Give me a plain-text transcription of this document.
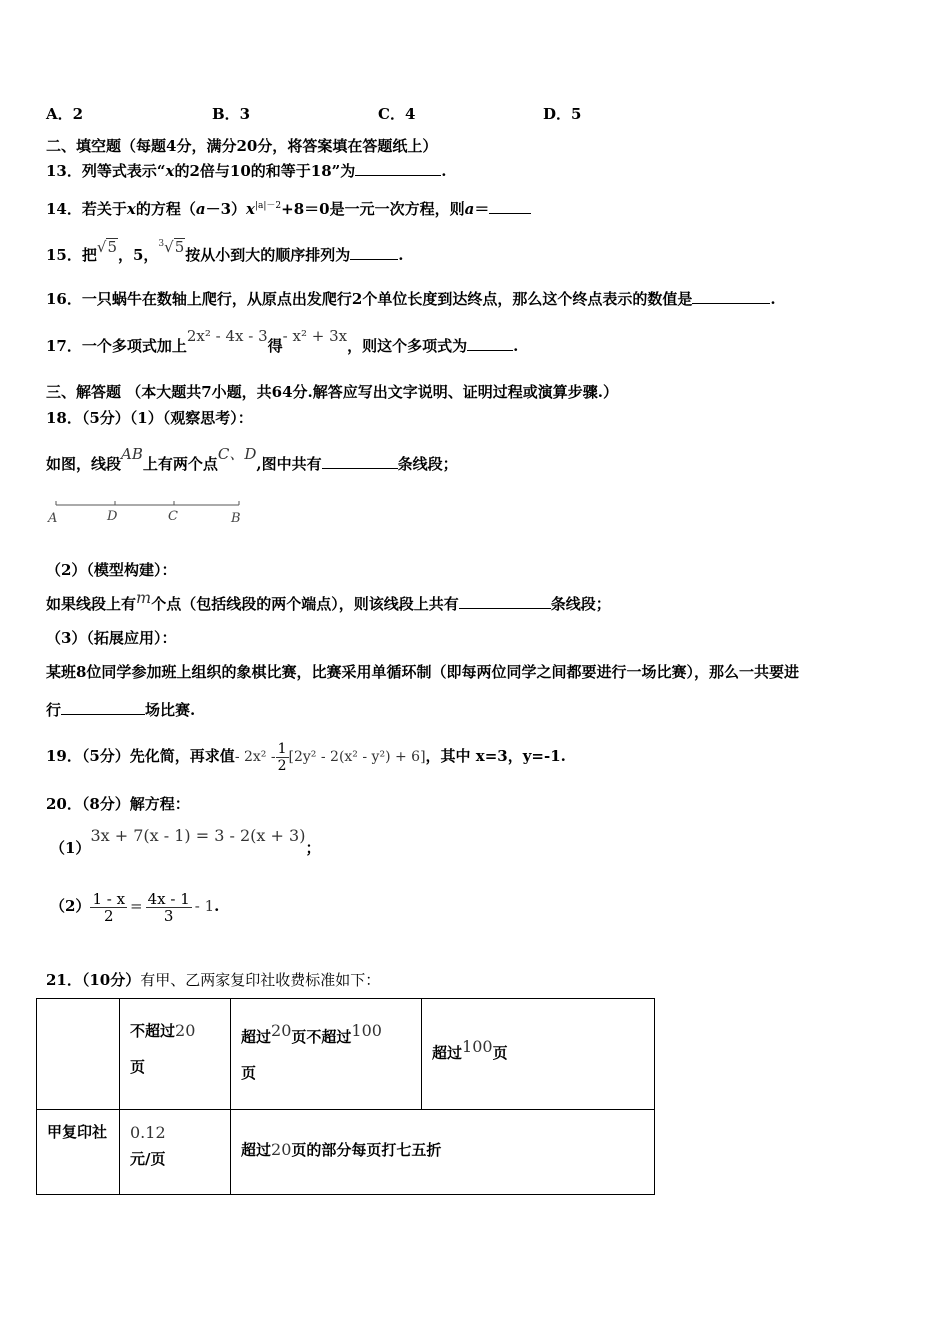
A．2	B．3	C．4	D．5
二、填空题（每题4分，满分20分，将答案填在答题纸上）
13．列等式表示“x的2倍与10的和等于18”为	.
14．若关于x的方程$(a-3)x^{|a|-2}+8=0$是一元一次方程，则a＝
15．把√5，5，$^3$√5按从小到大的顺序排列为	.
16．一只蜗牛在数轴上爬行，从原点出发爬行2个单位长度到达终点，那么这个终点表示的数值是	.
17．一个多项式加上2x² - 4x - 3得- x² + 3x，则这个多项式为	.
三、解答题 （本大题共7小题，共64分.解答应写出文字说明、证明过程或演算步骤.）
18．（5分）（1）（观察思考）：
如图，线段AB上有两个点C、D,图中共有	条线段；
A	D	C	B
（2）（模型构建）：
如果线段上有m个点（包括线段的两个端点），则该线段上共有	条线段；
（3）（拓展应用）：
某班8位同学参加班上组织的象棋比赛，比赛采用单循环制（即每两位同学之间都要进行一场比赛），那么一共要进
行	场比赛.
19．（5分）先化简，再求值- $2x^2 - \frac{1}{2} [2y^2 - 2(x^2 - y^2) + 6]$，其中 x=3，y=-1.
20．（8分）解方程：
（1）3x + 7(x - 1) = 3 - 2(x + 3)；
$(2) \frac{1 - x}{2} = \frac{4x - 1}{3} - 1$.
21．（10分）有甲、乙两家复印社收费标准如下：

	不超过20
页	超过$^{20}$页不超过$^{100}$
页	超过$^{100}$页

甲复印社	$^{0.12}$
元/页	超过20页的部分每页打七五折	
